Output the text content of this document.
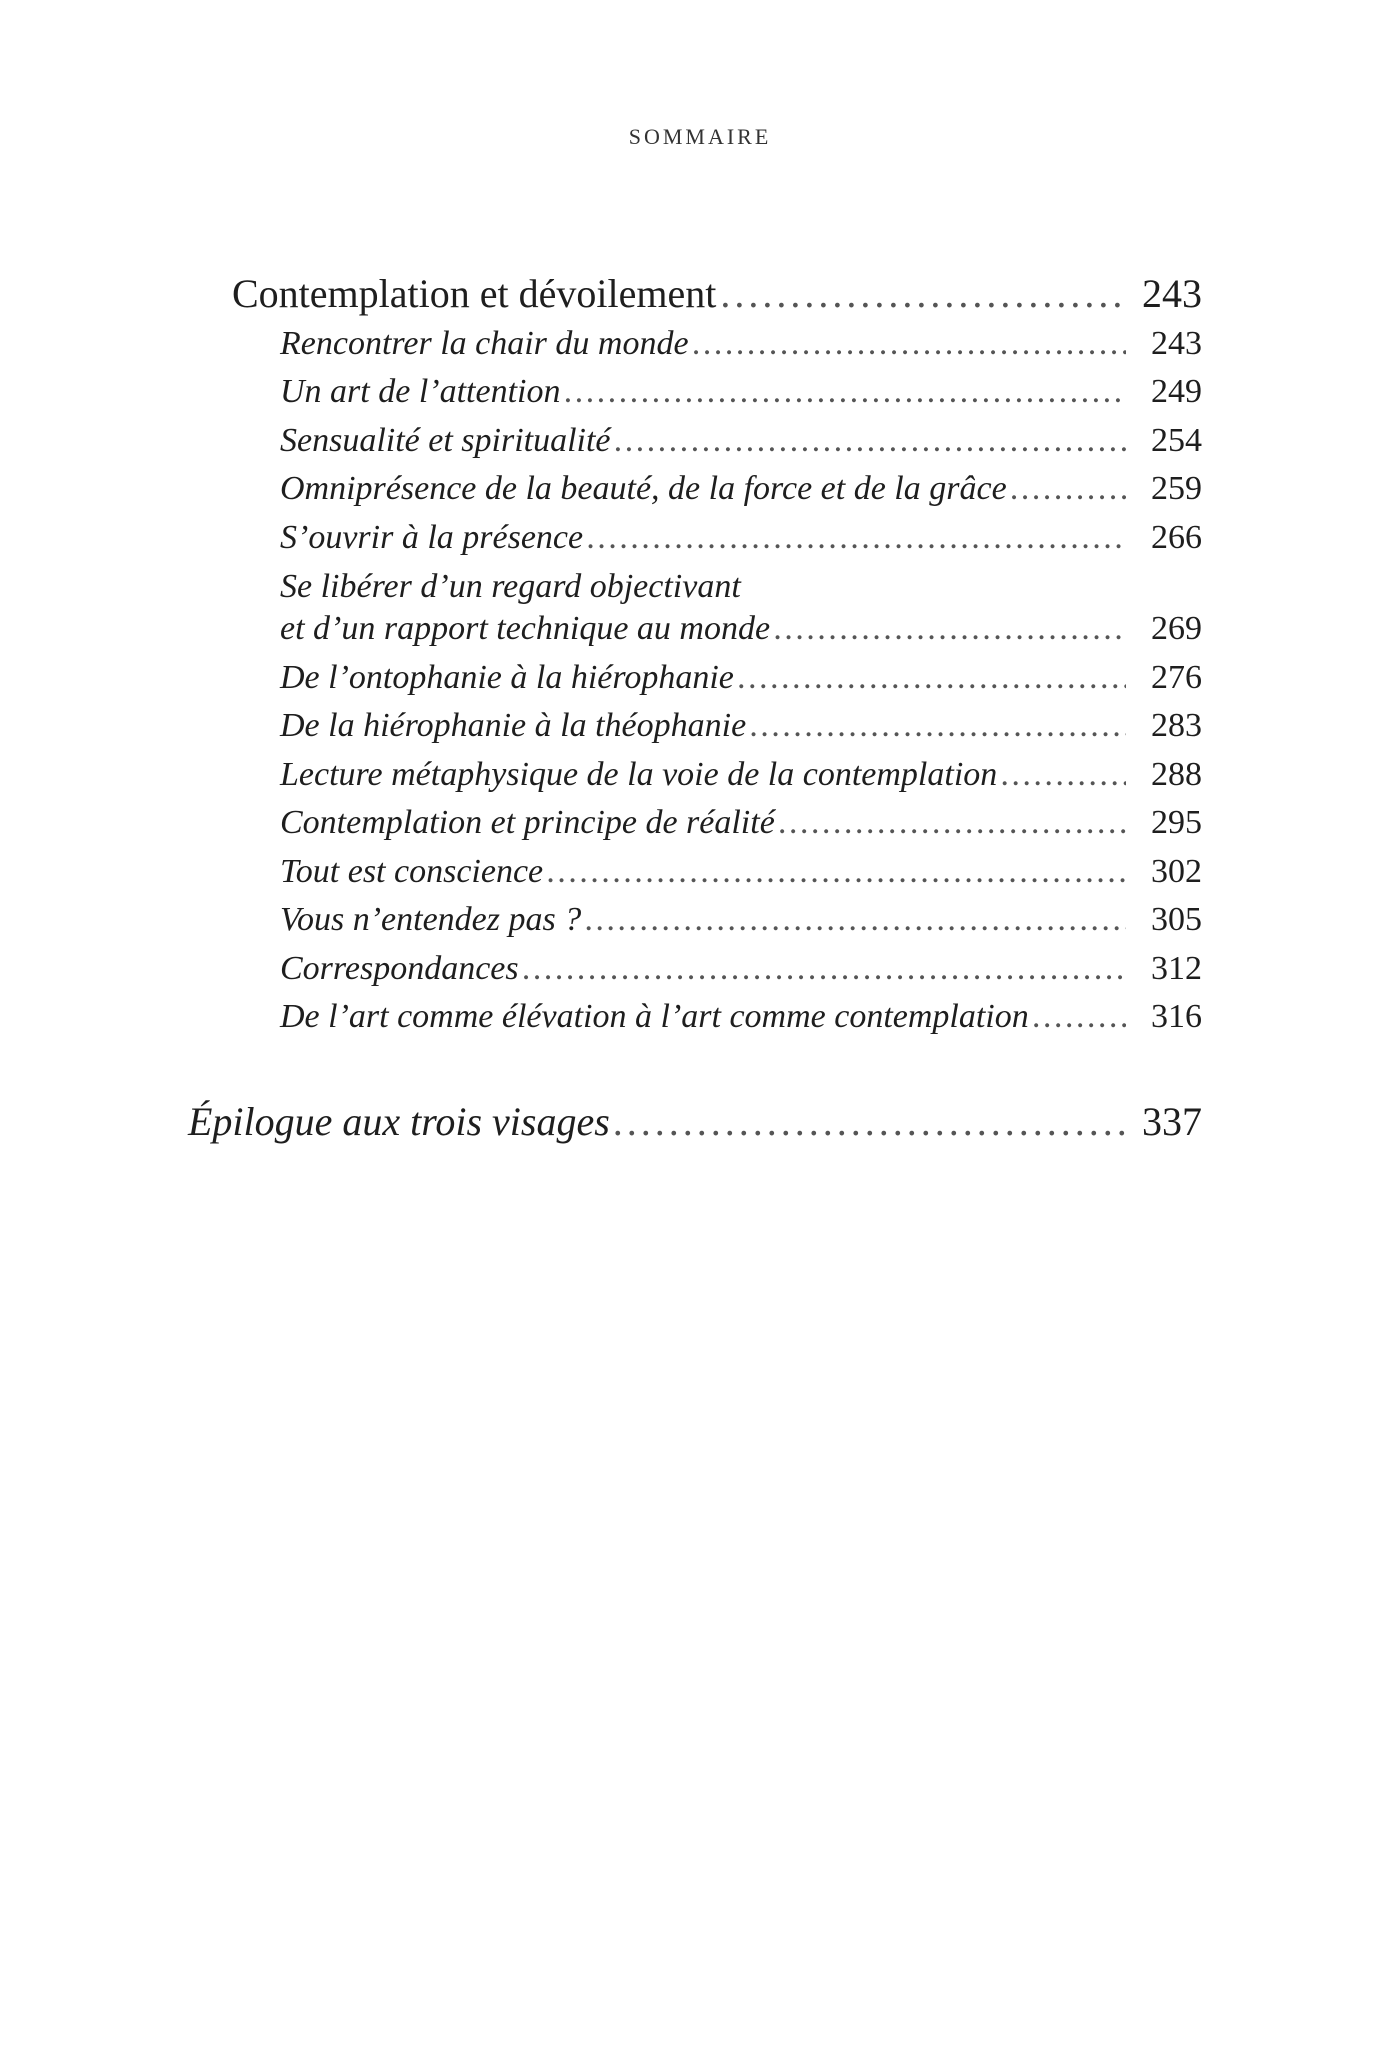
SOMMAIRE
Contemplation et dévoilement . . .	243
Rencontrer la chair du monde . . .	243
Un art de l’attention . . .	249
Sensualité et spiritualité . . .	254
Omniprésence de la beauté, de la force et de la grâce . . .	259
S’ouvrir à la présence . . .	266
Se libérer d’un regard objectivant
et d’un rapport technique au monde . . .	269
De l’ontophanie à la hiérophanie . . .	276
De la hiérophanie à la théophanie . . .	283
Lecture métaphysique de la voie de la contemplation . . .	288
Contemplation et principe de réalité . . .	295
Tout est conscience . . .	302
Vous n’entendez pas ? . . .	305
Correspondances . . .	312
De l’art comme élévation à l’art comme contemplation . . .	316
Épilogue aux trois visages . . .	337
